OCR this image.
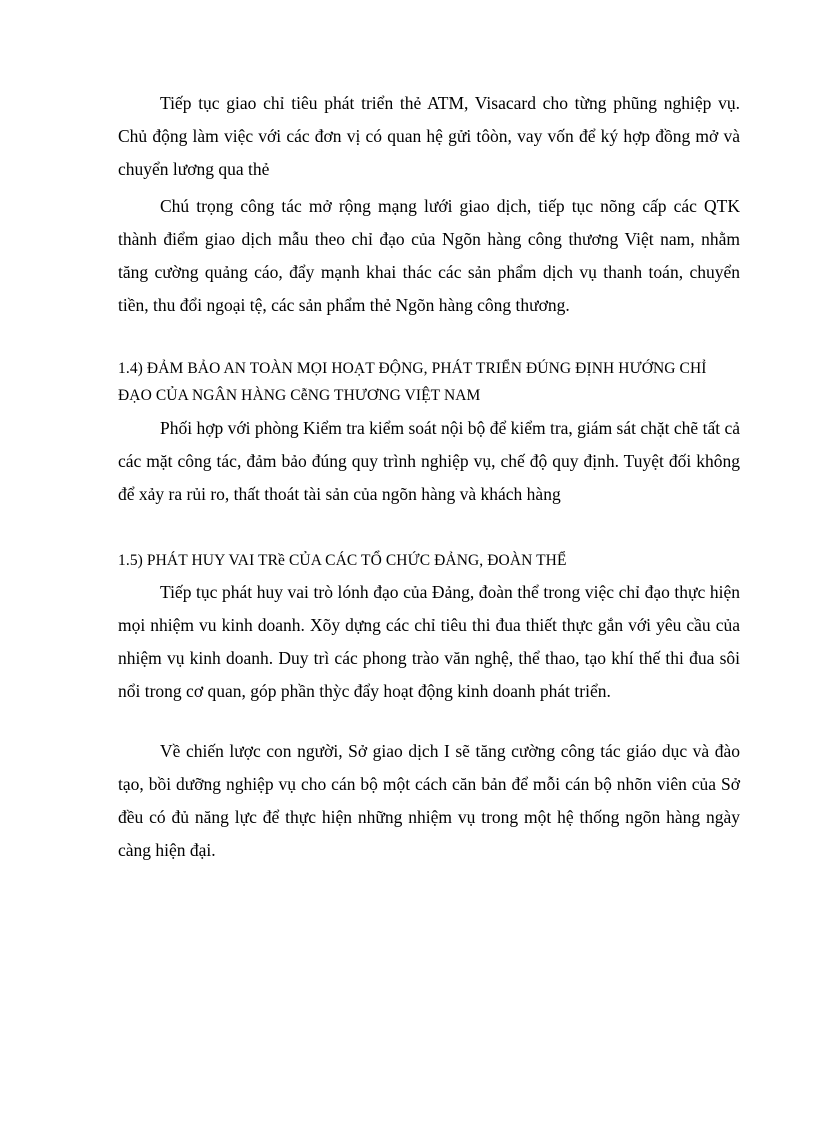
Tiếp tục giao chỉ tiêu phát triển thẻ ATM, Visacard cho từng phũng nghiệp vụ. Chủ động làm việc với các đơn vị có quan hệ gửi tôòn, vay vốn để ký hợp đồng mở và chuyển lương qua thẻ

Chú trọng công tác mở rộng mạng lưới giao dịch, tiếp tục nõng cấp các QTK thành điểm giao dịch mẫu theo chỉ đạo của Ngõn hàng công thương Việt nam, nhằm tăng cường quảng cáo, đẩy mạnh khai thác các sản phẩm dịch vụ thanh toán, chuyển tiền, thu đổi ngoại tệ, các sản phẩm thẻ Ngõn hàng công thương.

1.4) ĐẢM BẢO AN TOÀN MỌI HOẠT ĐỘNG, PHÁT TRIỂN ĐÚNG ĐỊNH HƯỚNG CHỈ ĐẠO CỦA NGÂN HÀNG CễNG THƯƠNG VIỆT NAM

Phối hợp với phòng Kiểm tra kiểm soát nội bộ để kiểm tra, giám sát chặt chẽ tất cả các mặt công tác, đảm bảo đúng quy trình nghiệp vụ, chế độ quy định. Tuyệt đối không để xảy ra rủi ro, thất thoát tài sản của ngõn hàng và khách hàng

1.5) PHÁT HUY VAI TRề CỦA CÁC TỔ CHỨC ĐẢNG, ĐOÀN THỂ

Tiếp tục phát huy vai trò lónh đạo của Đảng, đoàn thể trong việc chỉ đạo thực hiện mọi nhiệm vu kinh doanh. Xõy dựng các chỉ tiêu thi đua thiết thực gắn với yêu cầu của nhiệm vụ kinh doanh. Duy trì các phong trào văn nghệ, thể thao, tạo khí thế thi đua sôi nổi trong cơ quan, góp phần thỳc đẩy hoạt động kinh doanh phát triển.

Về chiến lược con người, Sở giao dịch I sẽ tăng cường công tác giáo dục và đào tạo, bồi dưỡng nghiệp vụ cho cán bộ một cách căn bản để mỗi cán bộ nhõn viên của Sở đều có đủ năng lực để thực hiện những nhiệm vụ trong một hệ thống ngõn hàng ngày càng hiện đại.
